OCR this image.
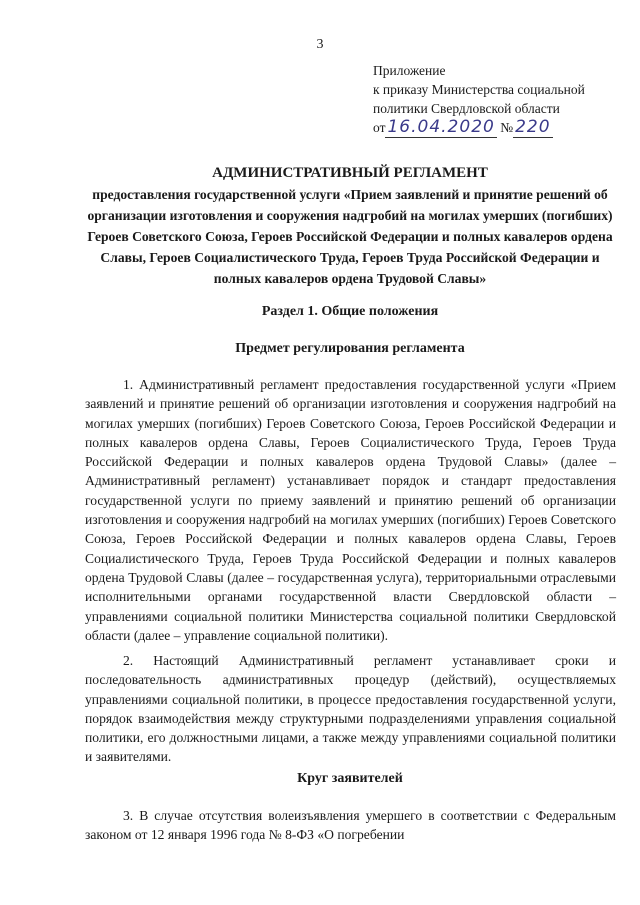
3
Приложение
к приказу Министерства социальной
политики Свердловской области
от 16.04.2020 № 220
АДМИНИСТРАТИВНЫЙ РЕГЛАМЕНТ
предоставления государственной услуги «Прием заявлений и принятие решений об организации изготовления и сооружения надгробий на могилах умерших (погибших) Героев Советского Союза, Героев Российской Федерации и полных кавалеров ордена Славы, Героев Социалистического Труда, Героев Труда Российской Федерации и полных кавалеров ордена Трудовой Славы»
Раздел 1. Общие положения
Предмет регулирования регламента

1. Административный регламент предоставления государственной услуги «Прием заявлений и принятие решений об организации изготовления и сооружения надгробий на могилах умерших (погибших) Героев Советского Союза, Героев Российской Федерации и полных кавалеров ордена Славы, Героев Социалистического Труда, Героев Труда Российской Федерации и полных кавалеров ордена Трудовой Славы» (далее – Административный регламент) устанавливает порядок и стандарт предоставления государственной услуги по приему заявлений и принятию решений об организации изготовления и сооружения надгробий на могилах умерших (погибших) Героев Советского Союза, Героев Российской Федерации и полных кавалеров ордена Славы, Героев Социалистического Труда, Героев Труда Российской Федерации и полных кавалеров ордена Трудовой Славы (далее – государственная услуга), территориальными отраслевыми исполнительными органами государственной власти Свердловской области – управлениями социальной политики Министерства социальной политики Свердловской области (далее – управление социальной политики).

2. Настоящий Административный регламент устанавливает сроки и последовательность административных процедур (действий), осуществляемых управлениями социальной политики, в процессе предоставления государственной услуги, порядок взаимодействия между структурными подразделениями управления социальной политики, его должностными лицами, а также между управлениями социальной политики и заявителями.

Круг заявителей

3. В случае отсутствия волеизъявления умершего в соответствии с Федеральным законом от 12 января 1996 года № 8-ФЗ «О погребении
